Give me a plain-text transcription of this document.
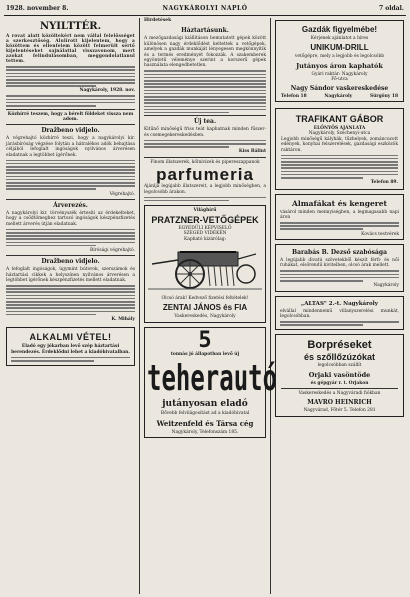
1928. november 8.	NAGYKÁROLYI NAPLÓ	7 oldal.
NYILTTÉR.
A rovat alatt közöltekért nem vállal felelősséget a szerkesztőség. Alulírott kijelentem, hogy a közöttem és ellenfelem között felmerült sértő kijelentéseket sajnálattal visszavonom, mert azokat felindulásomban, meggondolatlanul tettem.
Nagykároly, 1928. nov.
Közhírré teszem, hogy a bérelt földeket vissza nem adom.
Dražbeno vidjelo.
A végrehajtó közhírré teszi, hogy a nagykárolyi kir. járásbíróság végzése folytán a hátralékos adók behajtása céljából lefoglalt ingóságok nyilvános árverésen eladatnak a legtöbbet ígérőnek.
Végrehajtó.
Árverezés.
A nagykárolyi kir. törvényszék értesíti az érdekelteket, hogy a csődtömeghez tartozó ingóságok készpénzfizetés mellett árverés útján eladatnak.
Bírósági végrehajtó.
Dražbeno vidjelo.
A lefoglalt ingóságok, úgymint bútorok, szerszámok és háztartási cikkek a helyszínen nyilvános árverésen a legtöbbet ígérőnek készpénzfizetés mellett eladatnak.
K. Mihály
ALKALMI VÉTEL!
Eladó egy jókarban levő szép háztartási berendezés. Érdeklődni lehet a kiadóhivatalban.
Hirdetések
Háztartásunk.
A mezőgazdasági kiállításon bemutatott gépek között különösen nagy érdeklődést keltettek a vetőgépek, amelyek a gazdák munkáját lényegesen megkönnyítik és a termés eredményét fokozzák. A szakemberek egyöntetű véleménye szerint a korszerű gépek használata elengedhetetlen.
Új tea.
Kitűnő minőségű friss teát kaphatnak minden fűszer- és csemegekereskedésben.
Kiss Bálint
Finom illatszerek, kölnivizek és pipereszappanok
parfumeria
Ajánlja legújabb illatszereit, a legjobb minőségben, a legolcsóbb árakon.
Világhírű
PRATZNER-VETŐGÉPEK
EGYEDÜLI KÉPVISELŐ
SZEGED VIDÉKÉN
Kapható kizárólag:
Olcsó árak! Kedvező fizetési feltételek!
ZENTAI JÁNOS és FIA
Vaskereskedés, Nagykároly
5
tonnás jó állapotban levő új
teherautó
jutányosan eladó
Bővebb felvilágosítást ad a kiadóhivatal
Weitzenfeld és Társa cég
Nagykároly, Telefonszám 185.
Gazdák figyelmébe!
Kérjenek ajánlatot a híres
UNIKUM-DRILL
vetőgépre, mely a legjobb és legolcsóbb
Jutányos áron kaphatók
Gyári raktár: Nagykároly
Fő-utca
Nagy Sándor vaskereskedése
Telefon 18	Nagykároly	Sürgöny 18
TRAFIKANT GÁBOR
ELŐNYÖS AJÁNLATA
Nagykároly, Széchenyi-utca
Legjobb minőségű kályhák, tűzhelyek, zománcozott edények, konyhai felszerelések, gazdasági eszközök raktáron.
Telefon 89.
Almafákat és kengeret
vásárol minden mennyiségben, a legmagasabb napi áron
Kovács testvérek
Barabás B. Dezső szabósága
A legújabb divatú szövetekből készít férfi- és női ruhákat, elsőrendű kivitelben, olcsó árak mellett.
Nagykároly
„ALTAS" 2.-t. Nagykároly
elvállal mindennemű villanyszerelési munkát, legolcsóbban.
Borpréseket
és szőllőzúzókat
legolcsóbban szállít
Orjaki vasöntöde
és gépgyár r. t. Orjakon
Vaskereskedés a Nagyváradi fiókban
MAVRO HEINRICH
Nagyvárad, Főtér 5. Telefon 281
